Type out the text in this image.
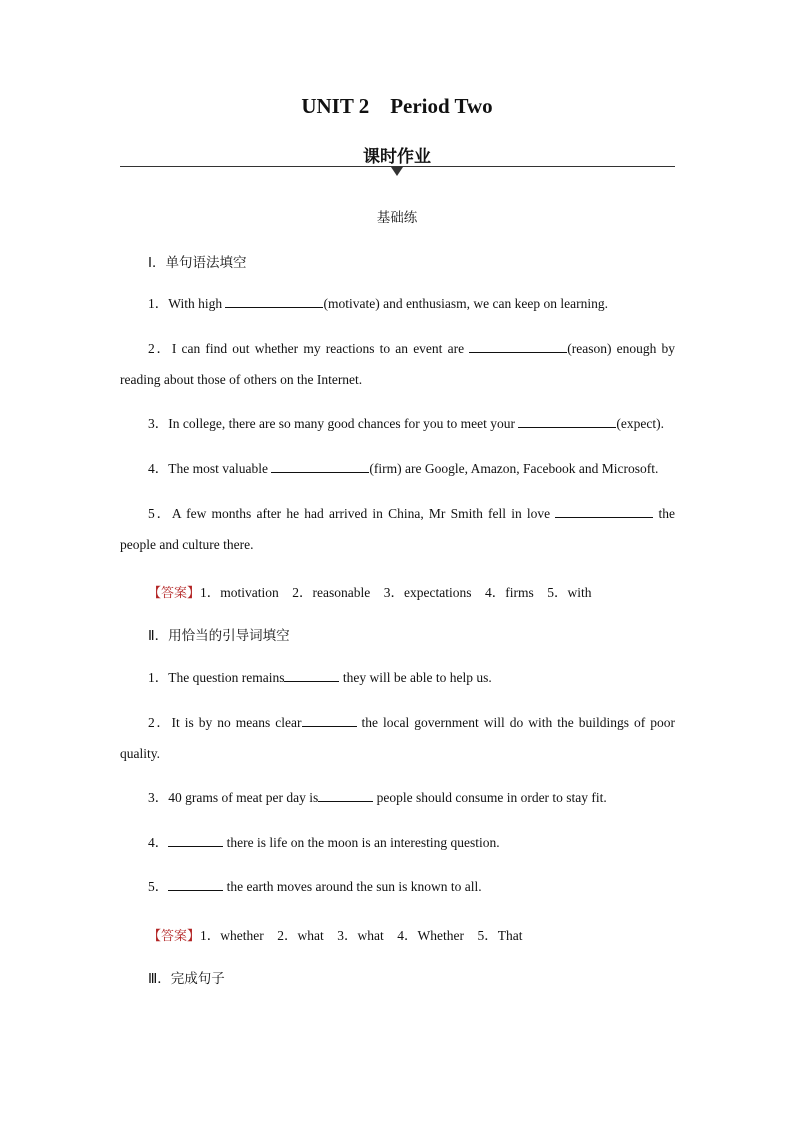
UNIT 2    Period Two
课时作业
基础练
Ⅰ．单句语法填空
1．With high	(motivate) and enthusiasm, we can keep on learning.
2．I can find out whether my reactions to an event are	(reason) enough by reading about those of others on the Internet.
3．In college, there are so many good chances for you to meet your	(expect).
4．The most valuable	(firm) are Google, Amazon, Facebook and Microsoft.
5．A few months after he had arrived in China, Mr Smith fell in love	the people and culture there.
【答案】1．motivation　2．reasonable　3．expectations　4．firms　5．with
Ⅱ．用恰当的引导词填空
1．The question remains	they will be able to help us.
2．It is by no means clear	the local government will do with the buildings of poor quality.
3．40 grams of meat per day is	people should consume in order to stay fit.
4．	there is life on the moon is an interesting question.
5．	the earth moves around the sun is known to all.
【答案】1．whether　2．what　3．what　4．Whether　5．That
Ⅲ．完成句子
